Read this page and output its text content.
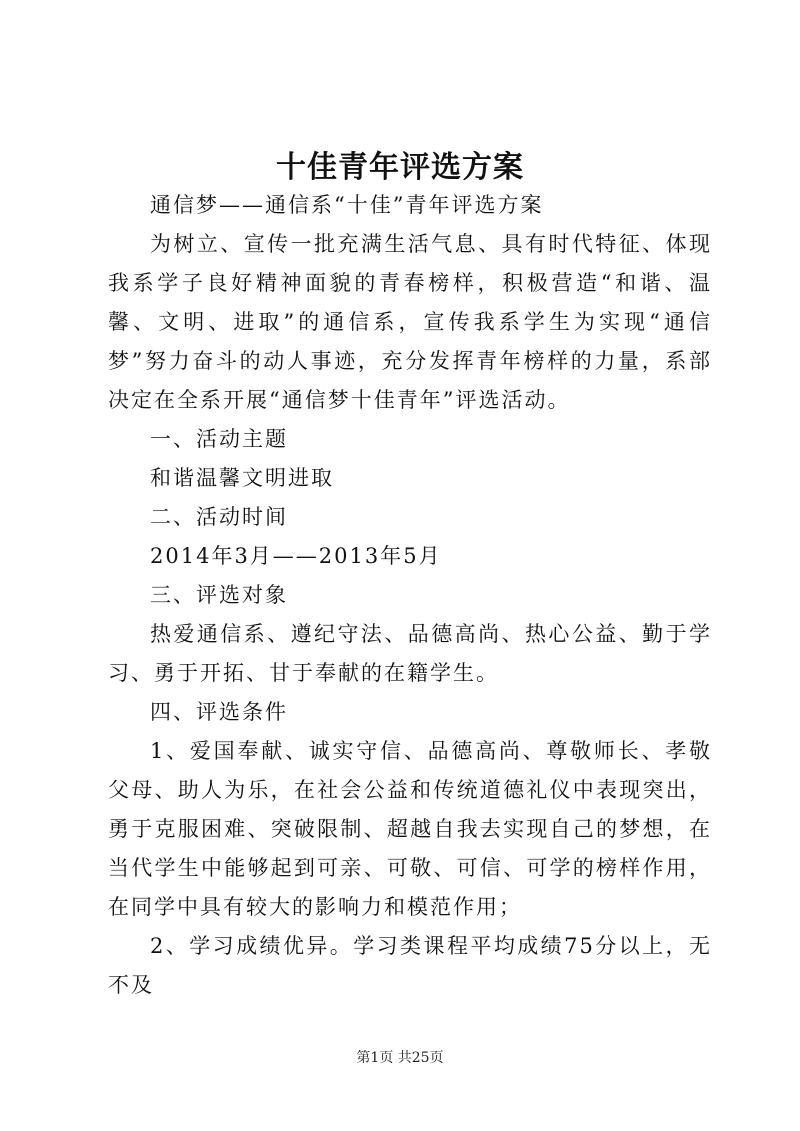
十佳青年评选方案

通信梦——通信系“十佳”青年评选方案

为树立、宣传一批充满生活气息、具有时代特征、体现我系学子良好精神面貌的青春榜样，积极营造“和谐、温馨、文明、进取”的通信系，宣传我系学生为实现“通信梦”努力奋斗的动人事迹，充分发挥青年榜样的力量，系部决定在全系开展“通信梦十佳青年”评选活动。

一、活动主题

和谐温馨文明进取

二、活动时间

2014年3月——2013年5月

三、评选对象

热爱通信系、遵纪守法、品德高尚、热心公益、勤于学习、勇于开拓、甘于奉献的在籍学生。

四、评选条件

1、爱国奉献、诚实守信、品德高尚、尊敬师长、孝敬父母、助人为乐，在社会公益和传统道德礼仪中表现突出，勇于克服困难、突破限制、超越自我去实现自己的梦想，在当代学生中能够起到可亲、可敬、可信、可学的榜样作用，在同学中具有较大的影响力和模范作用；

2、学习成绩优异。学习类课程平均成绩75分以上，无不及

第1页 共25页
